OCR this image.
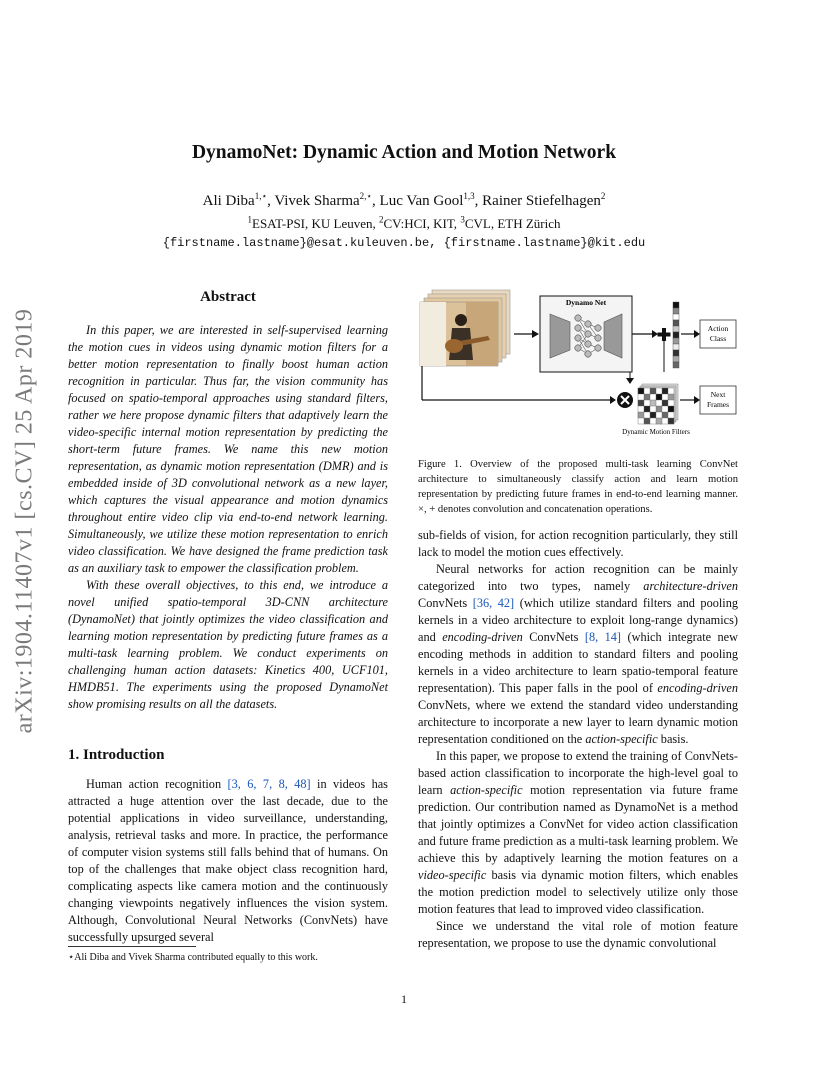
arXiv:1904.11407v1 [cs.CV] 25 Apr 2019
DynamoNet: Dynamic Action and Motion Network
Ali Diba$^{1,⋆}$, Vivek Sharma$^{2,⋆}$, Luc Van Gool$^{1,3}$, Rainer Stiefelhagen$^2$
$^1$ESAT-PSI, KU Leuven, $^2$CV:HCI, KIT, $^3$CVL, ETH Zürich
{firstname.lastname}@esat.kuleuven.be, {firstname.lastname}@kit.edu
Abstract

In this paper, we are interested in self-supervised learning the motion cues in videos using dynamic motion filters for a better motion representation to finally boost human action recognition in particular. Thus far, the vision community has focused on spatio-temporal approaches using standard filters, rather we here propose dynamic filters that adaptively learn the video-specific internal motion representation by predicting the short-term future frames. We name this new motion representation, as dynamic motion representation (DMR) and is embedded inside of 3D convolutional network as a new layer, which captures the visual appearance and motion dynamics throughout entire video clip via end-to-end network learning. Simultaneously, we utilize these motion representation to enrich video classification. We have designed the frame prediction task as an auxiliary task to empower the classification problem.

With these overall objectives, to this end, we introduce a novel unified spatio-temporal 3D-CNN architecture (DynamoNet) that jointly optimizes the video classification and learning motion representation by predicting future frames as a multi-task learning problem. We conduct experiments on challenging human action datasets: Kinetics 400, UCF101, HMDB51. The experiments using the proposed DynamoNet show promising results on all the datasets.

1. Introduction

Human action recognition [3, 6, 7, 8, 48] in videos has attracted a huge attention over the last decade, due to the potential applications in video surveillance, understanding, analysis, retrieval tasks and more. In practice, the performance of computer vision systems still falls behind that of humans. On top of the challenges that make object class recognition hard, complicating aspects like camera motion and the continuously changing viewpoints negatively influences the vision system. Although, Convolutional Neural Networks (ConvNets) have successfully upsurged several

⋆Ali Diba and Vivek Sharma contributed equally to this work.
Dynamo Net
Action
Class
Next
Frames
Dynamic Motion Filters
Figure 1. Overview of the proposed multi-task learning ConvNet architecture to simultaneously classify action and learn motion representation by predicting future frames in end-to-end learning manner. ×, + denotes convolution and concatenation operations.

sub-fields of vision, for action recognition particularly, they still lack to model the motion cues effectively.

Neural networks for action recognition can be mainly categorized into two types, namely architecture-driven ConvNets [36, 42] (which utilize standard filters and pooling kernels in a video architecture to exploit long-range dynamics) and encoding-driven ConvNets [8, 14] (which integrate new encoding methods in addition to standard filters and pooling kernels in a video architecture to learn spatio-temporal feature representation). This paper falls in the pool of encoding-driven ConvNets, where we extend the standard video understanding architecture to incorporate a new layer to learn dynamic motion representation conditioned on the action-specific basis.

In this paper, we propose to extend the training of ConvNets-based action classification to incorporate the high-level goal to learn action-specific motion representation via future frame prediction. Our contribution named as DynamoNet is a method that jointly optimizes a ConvNet for video action classification and future frame prediction as a multi-task learning problem. We achieve this by adaptively learning the motion features on a video-specific basis via dynamic motion filters, which enables the motion prediction model to selectively utilize only those motion features that lead to improved video classification.

Since we understand the vital role of motion feature representation, we propose to use the dynamic convolutional

1
